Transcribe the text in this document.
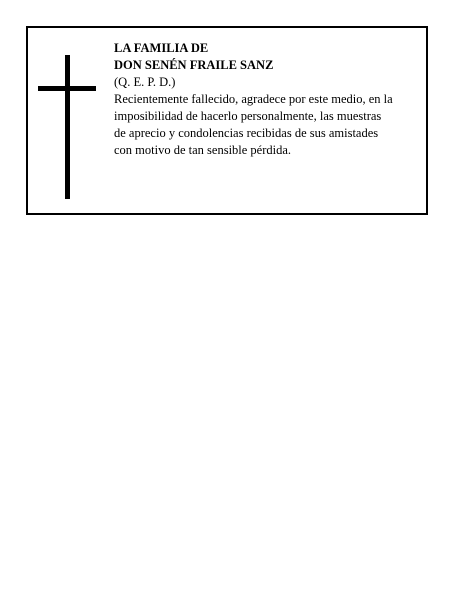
LA FAMILIA DE
DON SENÉN FRAILE SANZ
(Q. E. P. D.)
Recientemente fallecido, agradece por este medio, en la
imposibilidad de hacerlo personalmente, las muestras
de aprecio y condolencias recibidas de sus amistades
con motivo de tan sensible pérdida.
